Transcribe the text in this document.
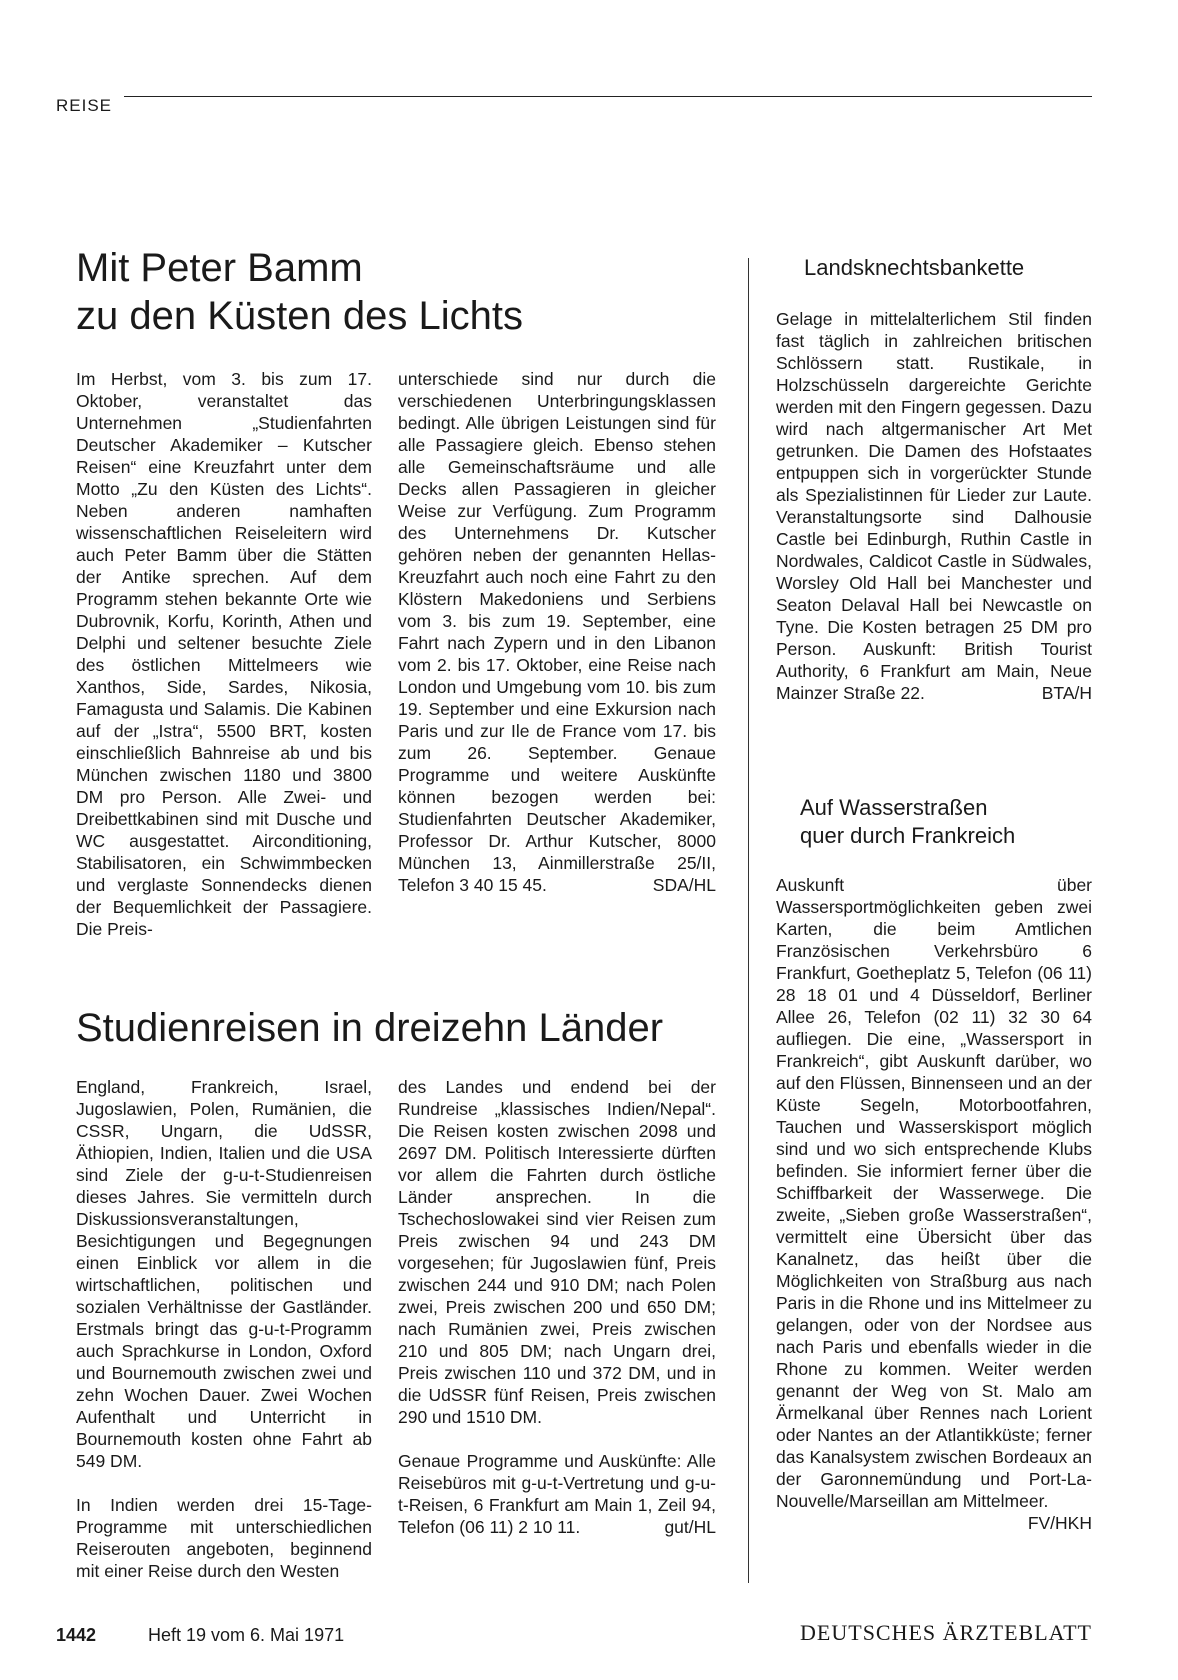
REISE
Mit Peter Bamm
zu den Küsten des Lichts

Im Herbst, vom 3. bis zum 17. Oktober, veranstaltet das Unternehmen „Studienfahrten Deutscher Akademiker – Kutscher Reisen“ eine Kreuzfahrt unter dem Motto „Zu den Küsten des Lichts“. Neben anderen namhaften wissenschaftlichen Reiseleitern wird auch Peter Bamm über die Stätten der Antike sprechen. Auf dem Programm stehen bekannte Orte wie Dubrovnik, Korfu, Korinth, Athen und Delphi und seltener besuchte Ziele des östlichen Mittelmeers wie Xanthos, Side, Sardes, Nikosia, Famagusta und Salamis. Die Kabinen auf der „Istra“, 5500 BRT, kosten einschließlich Bahnreise ab und bis München zwischen 1180 und 3800 DM pro Person. Alle Zwei- und Dreibettkabinen sind mit Dusche und WC ausgestattet. Airconditioning, Stabilisatoren, ein Schwimmbecken und verglaste Sonnendecks dienen der Bequemlichkeit der Passagiere. Die Preis-

unterschiede sind nur durch die verschiedenen Unterbringungsklassen bedingt. Alle übrigen Leistungen sind für alle Passagiere gleich. Ebenso stehen alle Gemeinschaftsräume und alle Decks allen Passagieren in gleicher Weise zur Verfügung. Zum Programm des Unternehmens Dr. Kutscher gehören neben der genannten Hellas-Kreuzfahrt auch noch eine Fahrt zu den Klöstern Makedoniens und Serbiens vom 3. bis zum 19. September, eine Fahrt nach Zypern und in den Libanon vom 2. bis 17. Oktober, eine Reise nach London und Umgebung vom 10. bis zum 19. September und eine Exkursion nach Paris und zur Ile de France vom 17. bis zum 26. September. Genaue Programme und weitere Auskünfte können bezogen werden bei: Studienfahrten Deutscher Akademiker, Professor Dr. Arthur Kutscher, 8000 München 13, Ainmillerstraße 25/II, Telefon 3 40 15 45.	SDA/HL

Studienreisen in dreizehn Länder

England, Frankreich, Israel, Jugoslawien, Polen, Rumänien, die CSSR, Ungarn, die UdSSR, Äthiopien, Indien, Italien und die USA sind Ziele der g-u-t-Studienreisen dieses Jahres. Sie vermitteln durch Diskussionsveranstaltungen, Besichtigungen und Begegnungen einen Einblick vor allem in die wirtschaftlichen, politischen und sozialen Verhältnisse der Gastländer. Erstmals bringt das g-u-t-Programm auch Sprachkurse in London, Oxford und Bournemouth zwischen zwei und zehn Wochen Dauer. Zwei Wochen Aufenthalt und Unterricht in Bournemouth kosten ohne Fahrt ab 549 DM.

In Indien werden drei 15-Tage-Programme mit unterschiedlichen Reiserouten angeboten, beginnend mit einer Reise durch den Westen

des Landes und endend bei der Rundreise „klassisches Indien/Nepal“. Die Reisen kosten zwischen 2098 und 2697 DM. Politisch Interessierte dürften vor allem die Fahrten durch östliche Länder ansprechen. In die Tschechoslowakei sind vier Reisen zum Preis zwischen 94 und 243 DM vorgesehen; für Jugoslawien fünf, Preis zwischen 244 und 910 DM; nach Polen zwei, Preis zwischen 200 und 650 DM; nach Rumänien zwei, Preis zwischen 210 und 805 DM; nach Ungarn drei, Preis zwischen 110 und 372 DM, und in die UdSSR fünf Reisen, Preis zwischen 290 und 1510 DM.

Genaue Programme und Auskünfte: Alle Reisebüros mit g-u-t-Vertretung und g-u-t-Reisen, 6 Frankfurt am Main 1, Zeil 94, Telefon (06 11) 2 10 11.	gut/HL

Landsknechtsbankette

Gelage in mittelalterlichem Stil finden fast täglich in zahlreichen britischen Schlössern statt. Rustikale, in Holzschüsseln dargereichte Gerichte werden mit den Fingern gegessen. Dazu wird nach altgermanischer Art Met getrunken. Die Damen des Hofstaates entpuppen sich in vorgerückter Stunde als Spezialistinnen für Lieder zur Laute. Veranstaltungsorte sind Dalhousie Castle bei Edinburgh, Ruthin Castle in Nordwales, Caldicot Castle in Südwales, Worsley Old Hall bei Manchester und Seaton Delaval Hall bei Newcastle on Tyne. Die Kosten betragen 25 DM pro Person. Auskunft: British Tourist Authority, 6 Frankfurt am Main, Neue Mainzer Straße 22.	BTA/H

Auf Wasserstraßen
quer durch Frankreich

Auskunft über Wassersportmöglichkeiten geben zwei Karten, die beim Amtlichen Französischen Verkehrsbüro 6 Frankfurt, Goetheplatz 5, Telefon (06 11) 28 18 01 und 4 Düsseldorf, Berliner Allee 26, Telefon (02 11) 32 30 64 aufliegen. Die eine, „Wassersport in Frankreich“, gibt Auskunft darüber, wo auf den Flüssen, Binnenseen und an der Küste Segeln, Motorbootfahren, Tauchen und Wasserskisport möglich sind und wo sich entsprechende Klubs befinden. Sie informiert ferner über die Schiffbarkeit der Wasserwege. Die zweite, „Sieben große Wasserstraßen“, vermittelt eine Übersicht über das Kanalnetz, das heißt über die Möglichkeiten von Straßburg aus nach Paris in die Rhone und ins Mittelmeer zu gelangen, oder von der Nordsee aus nach Paris und ebenfalls wieder in die Rhone zu kommen. Weiter werden genannt der Weg von St. Malo am Ärmelkanal über Rennes nach Lorient oder Nantes an der Atlantikküste; ferner das Kanalsystem zwischen Bordeaux an der Garonnemündung und Port-La-Nouvelle/Marseillan am Mittelmeer.
FV/HKH

1442	Heft 19 vom 6. Mai 1971	DEUTSCHES ÄRZTEBLATT
